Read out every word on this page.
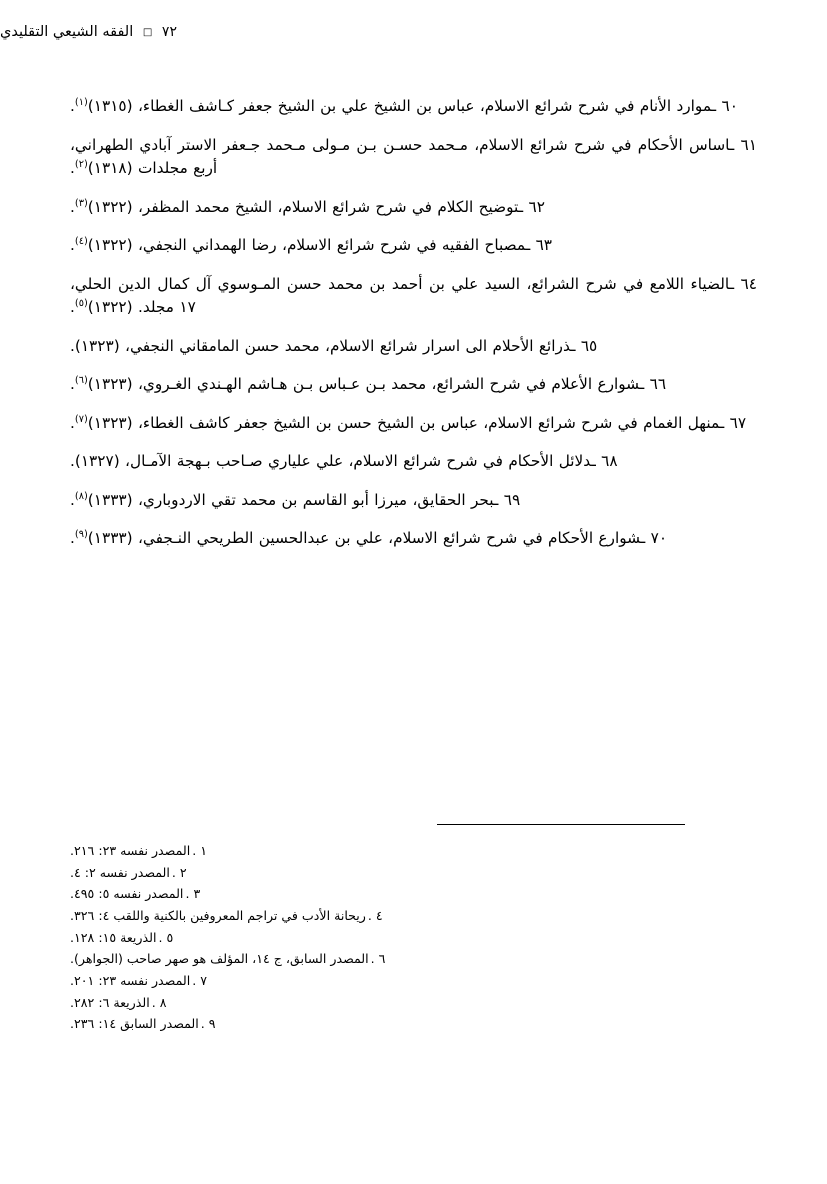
٧٢ □ الفقه الشيعي التقليدي

٦٠ ـموارد الأنام في شرح شرائع الاسلام، عباس بن الشيخ علي بن الشيخ جعفر كـاشف الغطاء، (١٣١٥)$^{(١)}$.

٦١ ـاساس الأحكام في شرح شرائع الاسلام، مـحمد حسـن بـن مـولى مـحمد جـعفر الاستر آبادي الطهراني، أربع مجلدات (١٣١٨)$^{(٢)}$.

٦٢ ـتوضيح الكلام في شرح شرائع الاسلام، الشيخ محمد المظفر، (١٣٢٢)$^{(٣)}$.

٦٣ ـمصباح الفقيه في شرح شرائع الاسلام، رضا الهمداني النجفي، (١٣٢٢)$^{(٤)}$.

٦٤ ـالضياء اللامع في شرح الشرائع، السيد علي بن أحمد بن محمد حسن المـوسوي آل كمال الدين الحلي، ١٧ مجلد. (١٣٢٢)$^{(٥)}$.

٦٥ ـذرائع الأحلام الى اسرار شرائع الاسلام، محمد حسن المامقاني النجفي، (١٣٢٣).

٦٦ ـشوارع الأعلام في شرح الشرائع، محمد بـن عـباس بـن هـاشم الهـندي الغـروي، (١٣٢٣)$^{(٦)}$.

٦٧ ـمنهل الغمام في شرح شرائع الاسلام، عباس بن الشيخ حسن بن الشيخ جعفر كاشف الغطاء، (١٣٢٣)$^{(٧)}$.

٦٨ ـدلائل الأحكام في شرح شرائع الاسلام، علي علياري صـاحب بـهجة الآمـال، (١٣٢٧).

٦٩ ـبحر الحقايق، ميرزا أبو القاسم بن محمد تقي الاردوباري، (١٣٣٣)$^{(٨)}$.

٧٠ ـشوارع الأحكام في شرح شرائع الاسلام، علي بن عبدالحسين الطريحي النـجفي، (١٣٣٣)$^{(٩)}$.

١ .المصدر نفسه ٢٣: ٢١٦.
٢ .المصدر نفسه ٢: ٤.
٣ .المصدر نفسه ٥: ٤٩٥.
٤ .ريحانة الأدب في تراجم المعروفين بالكنية واللقب ٤: ٣٢٦.
٥ .الذريعة ١٥: ١٢٨.
٦ .المصدر السابق، ج ١٤، المؤلف هو صهر صاحب (الجواهر).
٧ .المصدر نفسه ٢٣: ٢٠١.
٨ .الذريعة ٦: ٢٨٢.
٩ .المصدر السابق ١٤: ٢٣٦.
